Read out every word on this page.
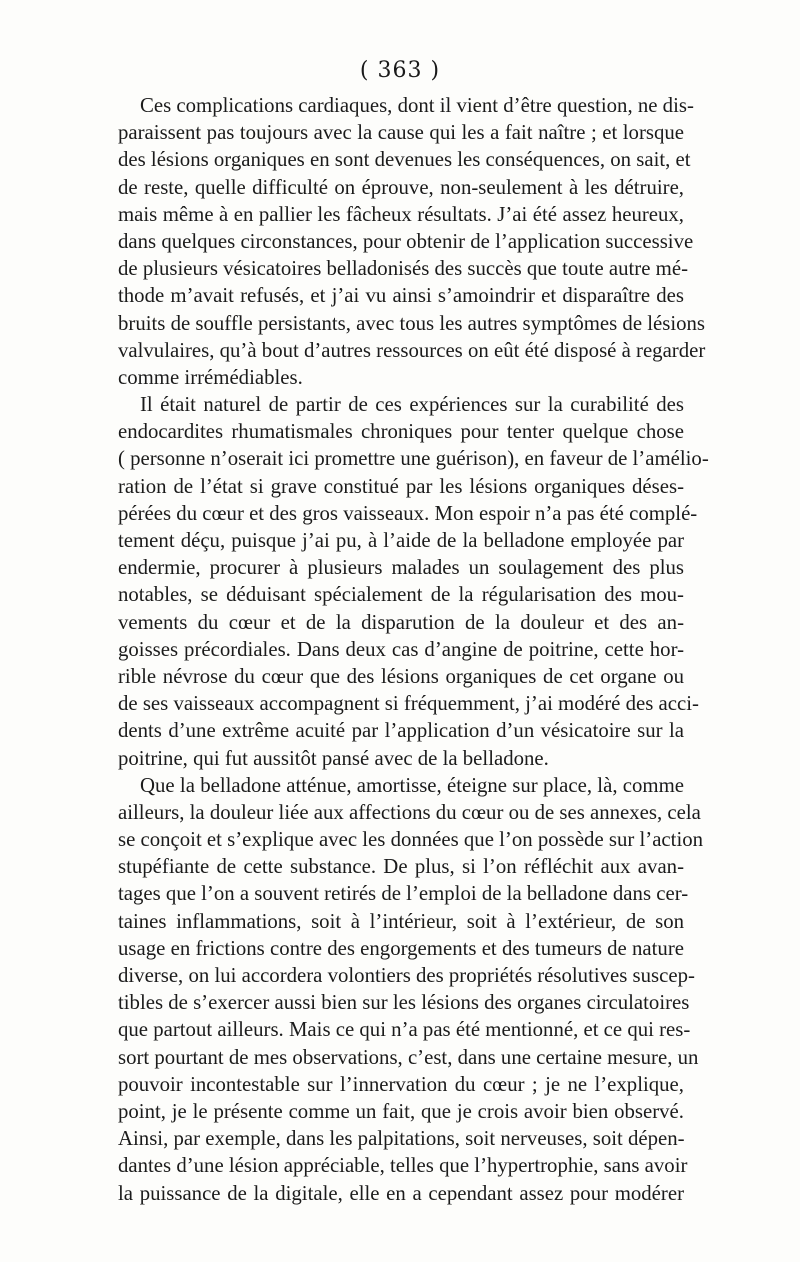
( 363 )
Ces complications cardiaques, dont il vient d’être question, ne dis-
paraissent pas toujours avec la cause qui les a fait naître ; et lorsque
des lésions organiques en sont devenues les conséquences, on sait, et
de reste, quelle difficulté on éprouve, non-seulement à les détruire,
mais même à en pallier les fâcheux résultats. J’ai été assez heureux,
dans quelques circonstances, pour obtenir de l’application successive
de plusieurs vésicatoires belladonisés des succès que toute autre mé-
thode m’avait refusés, et j’ai vu ainsi s’amoindrir et disparaître des
bruits de souffle persistants, avec tous les autres symptômes de lésions
valvulaires, qu’à bout d’autres ressources on eût été disposé à regarder
comme irrémédiables.
Il était naturel de partir de ces expériences sur la curabilité des
endocardites rhumatismales chroniques pour tenter quelque chose
( personne n’oserait ici promettre une guérison), en faveur de l’amélio-
ration de l’état si grave constitué par les lésions organiques déses-
pérées du cœur et des gros vaisseaux. Mon espoir n’a pas été complé-
tement déçu, puisque j’ai pu, à l’aide de la belladone employée par
endermie, procurer à plusieurs malades un soulagement des plus
notables, se déduisant spécialement de la régularisation des mou-
vements du cœur et de la disparution de la douleur et des an-
goisses précordiales. Dans deux cas d’angine de poitrine, cette hor-
rible névrose du cœur que des lésions organiques de cet organe ou
de ses vaisseaux accompagnent si fréquemment, j’ai modéré des acci-
dents d’une extrême acuité par l’application d’un vésicatoire sur la
poitrine, qui fut aussitôt pansé avec de la belladone.
Que la belladone atténue, amortisse, éteigne sur place, là, comme
ailleurs, la douleur liée aux affections du cœur ou de ses annexes, cela
se conçoit et s’explique avec les données que l’on possède sur l’action
stupéfiante de cette substance. De plus, si l’on réfléchit aux avan-
tages que l’on a souvent retirés de l’emploi de la belladone dans cer-
taines inflammations, soit à l’intérieur, soit à l’extérieur, de son
usage en frictions contre des engorgements et des tumeurs de nature
diverse, on lui accordera volontiers des propriétés résolutives suscep-
tibles de s’exercer aussi bien sur les lésions des organes circulatoires
que partout ailleurs. Mais ce qui n’a pas été mentionné, et ce qui res-
sort pourtant de mes observations, c’est, dans une certaine mesure, un
pouvoir incontestable sur l’innervation du cœur ; je ne l’explique,
point, je le présente comme un fait, que je crois avoir bien observé.
Ainsi, par exemple, dans les palpitations, soit nerveuses, soit dépen-
dantes d’une lésion appréciable, telles que l’hypertrophie, sans avoir
la puissance de la digitale, elle en a cependant assez pour modérer
